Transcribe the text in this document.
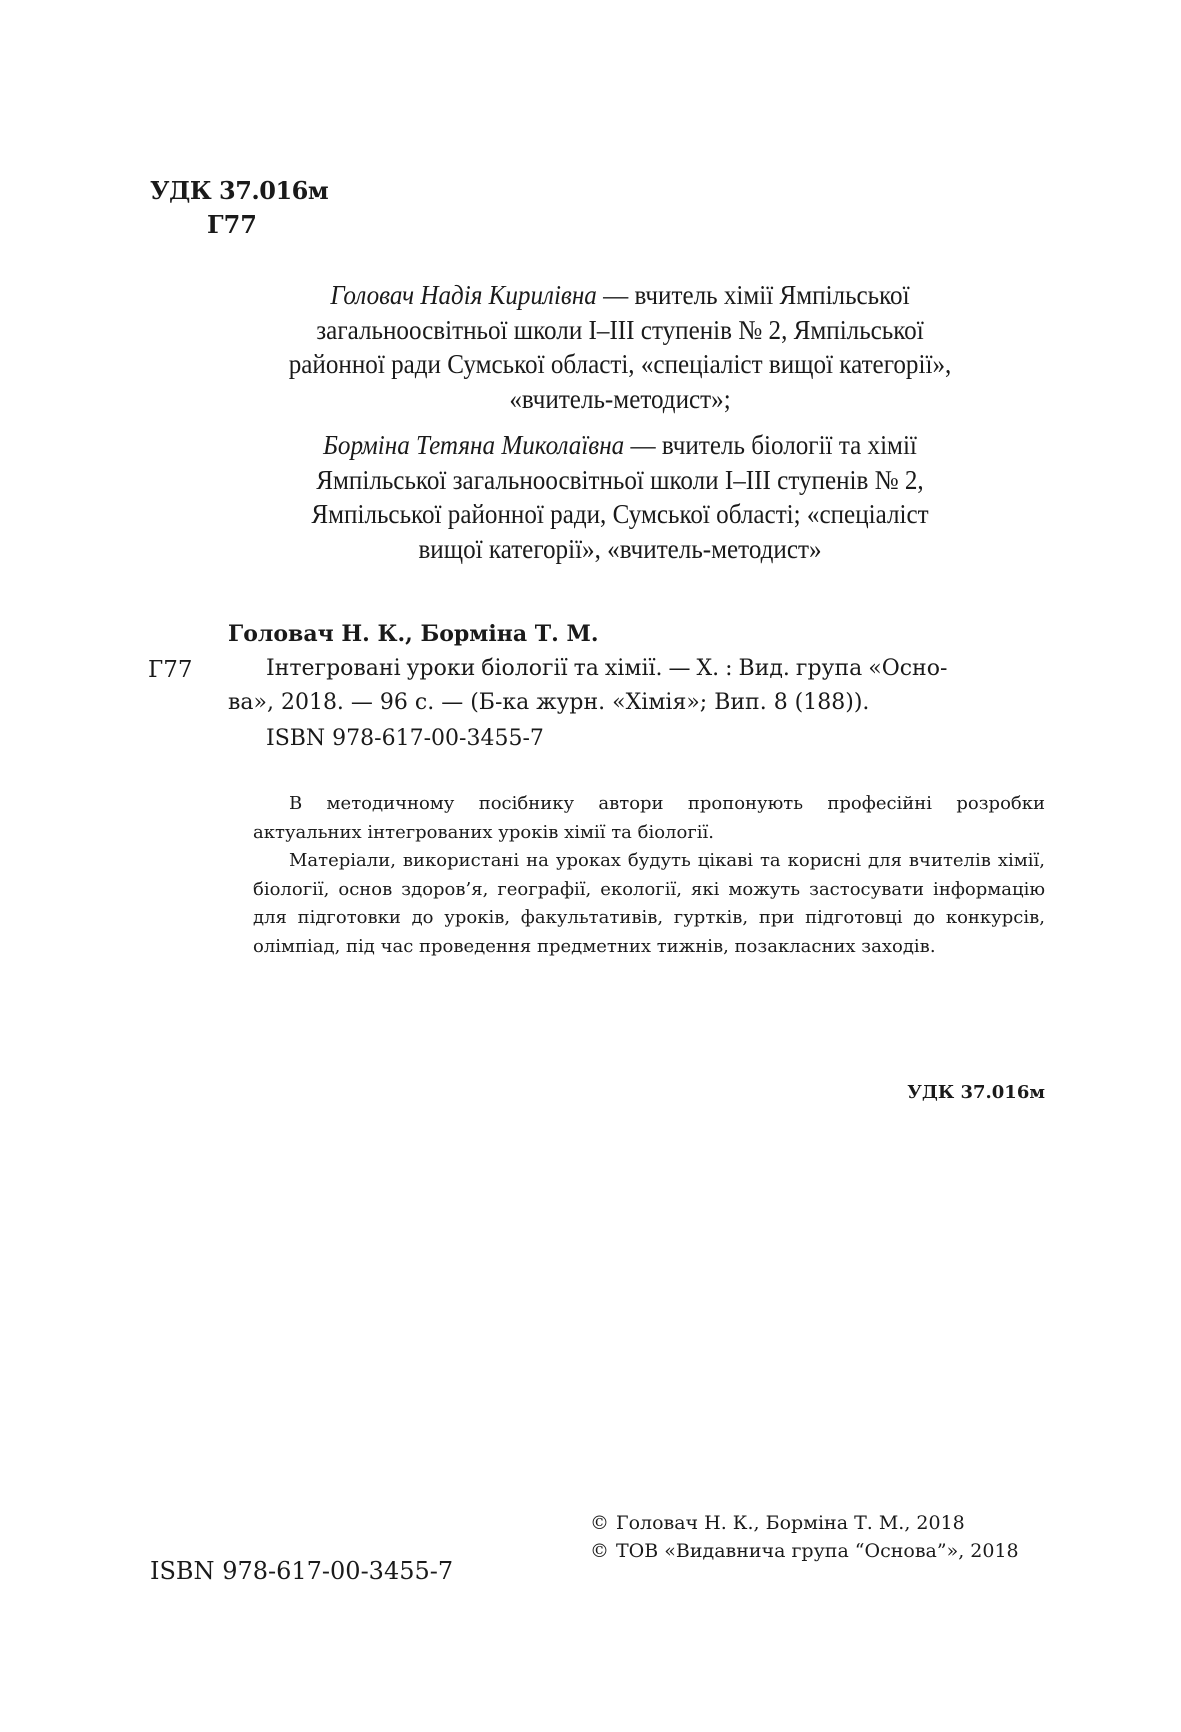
УДК 37.016м
Г77
Головач Надія Кирилівна — вчитель хімії Ямпільської
загальноосвітньої школи І–ІІІ ступенів № 2, Ямпільської
районної ради Сумської області, «спеціаліст вищої категорії»,
«вчитель-методист»;
Борміна Тетяна Миколаївна — вчитель біології та хімії
Ямпільської загальноосвітньої школи І–ІІІ ступенів № 2,
Ямпільської районної ради, Сумської області; «спеціаліст
вищої категорії», «вчитель-методист»
Головач Н. К., Борміна Т. М.
Г77	Інтегровані уроки біології та хімії. — Х. : Вид. група «Осно-
ва», 2018. — 96 с. — (Б-ка журн. «Хімія»; Вип. 8 (188)).
ISBN 978-617-00-3455-7

В методичному посібнику автори пропонують професійні розробки актуальних інтегрованих уроків хімії та біології.

Матеріали, використані на уроках будуть цікаві та корисні для вчителів хімії, біології, основ здоров’я, географії, екології, які можуть застосувати інформацію для підготовки до уроків, факультативів, гуртків, при підготовці до конкурсів, олімпіад, під час проведення предметних тижнів, позакласних заходів.

УДК 37.016м
ISBN 978-617-00-3455-7
© Головач Н. К., Борміна Т. М., 2018
© ТОВ «Видавнича група “Основа”», 2018
